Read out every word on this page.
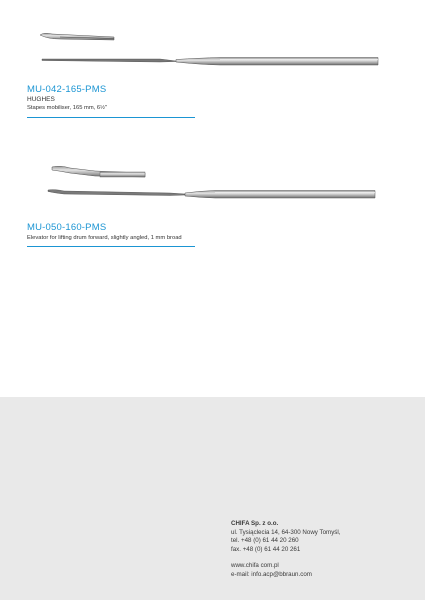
MU-042-165-PMS
HUGHES
Stapes mobiliser, 165 mm, 6½"
MU-050-160-PMS
Elevator for lifting drum forward, slightly angled, 1 mm broad
CHIFA Sp. z o.o.
ul. Tysiąclecia 14, 64-300 Nowy Tomyśl,
tel. +48 (0) 61 44 20 260
fax. +48 (0) 61 44 20 261
www.chifa com.pl
e-mail: info.acp@bbraun.com
